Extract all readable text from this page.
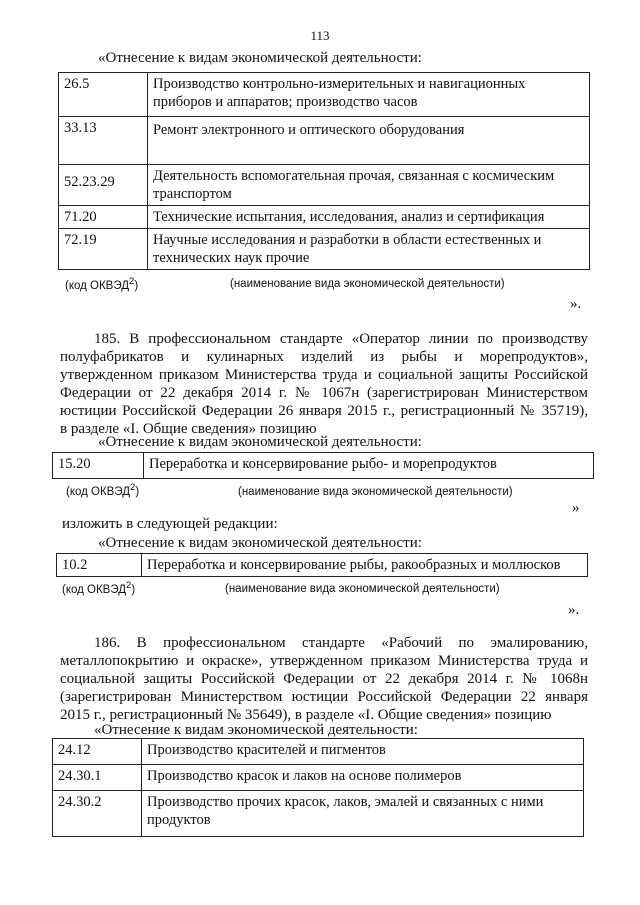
113
«Отнесение к видам экономической деятельности:
26.5	Производство контрольно-измерительных и навигационных приборов и аппаратов; производство часов
33.13	Ремонт электронного и оптического оборудования
52.23.29	Деятельность вспомогательная прочая, связанная с космическим транспортом
71.20	Технические испытания, исследования, анализ и сертификация
72.19	Научные исследования и разработки в области естественных и технических наук прочие
(код ОКВЭД$^2$)	(наименование вида экономической деятельности)
».
185. В профессиональном стандарте «Оператор линии по производству
полуфабрикатов и кулинарных изделий из рыбы и морепродуктов»,
утвержденном приказом Министерства труда и социальной защиты Российской
Федерации от 22 декабря 2014 г. № 1067н (зарегистрирован Министерством
юстиции Российской Федерации 26 января 2015 г., регистрационный № 35719),
в разделе «I. Общие сведения» позицию
«Отнесение к видам экономической деятельности:
15.20	Переработка и консервирование рыбо- и морепродуктов
(код ОКВЭД$^2$)	(наименование вида экономической деятельности)
»
изложить в следующей редакции:
«Отнесение к видам экономической деятельности:
10.2	Переработка и консервирование рыбы, ракообразных и моллюсков
(код ОКВЭД$^2$)	(наименование вида экономической деятельности)
».
186. В профессиональном стандарте «Рабочий по эмалированию,
металлопокрытию и окраске», утвержденном приказом Министерства труда и
социальной защиты Российской Федерации от 22 декабря 2014 г. № 1068н
(зарегистрирован Министерством юстиции Российской Федерации 22 января
2015 г., регистрационный № 35649), в разделе «I. Общие сведения» позицию
«Отнесение к видам экономической деятельности:
24.12	Производство красителей и пигментов
24.30.1	Производство красок и лаков на основе полимеров
24.30.2	Производство прочих красок, лаков, эмалей и связанных с ними продуктов
